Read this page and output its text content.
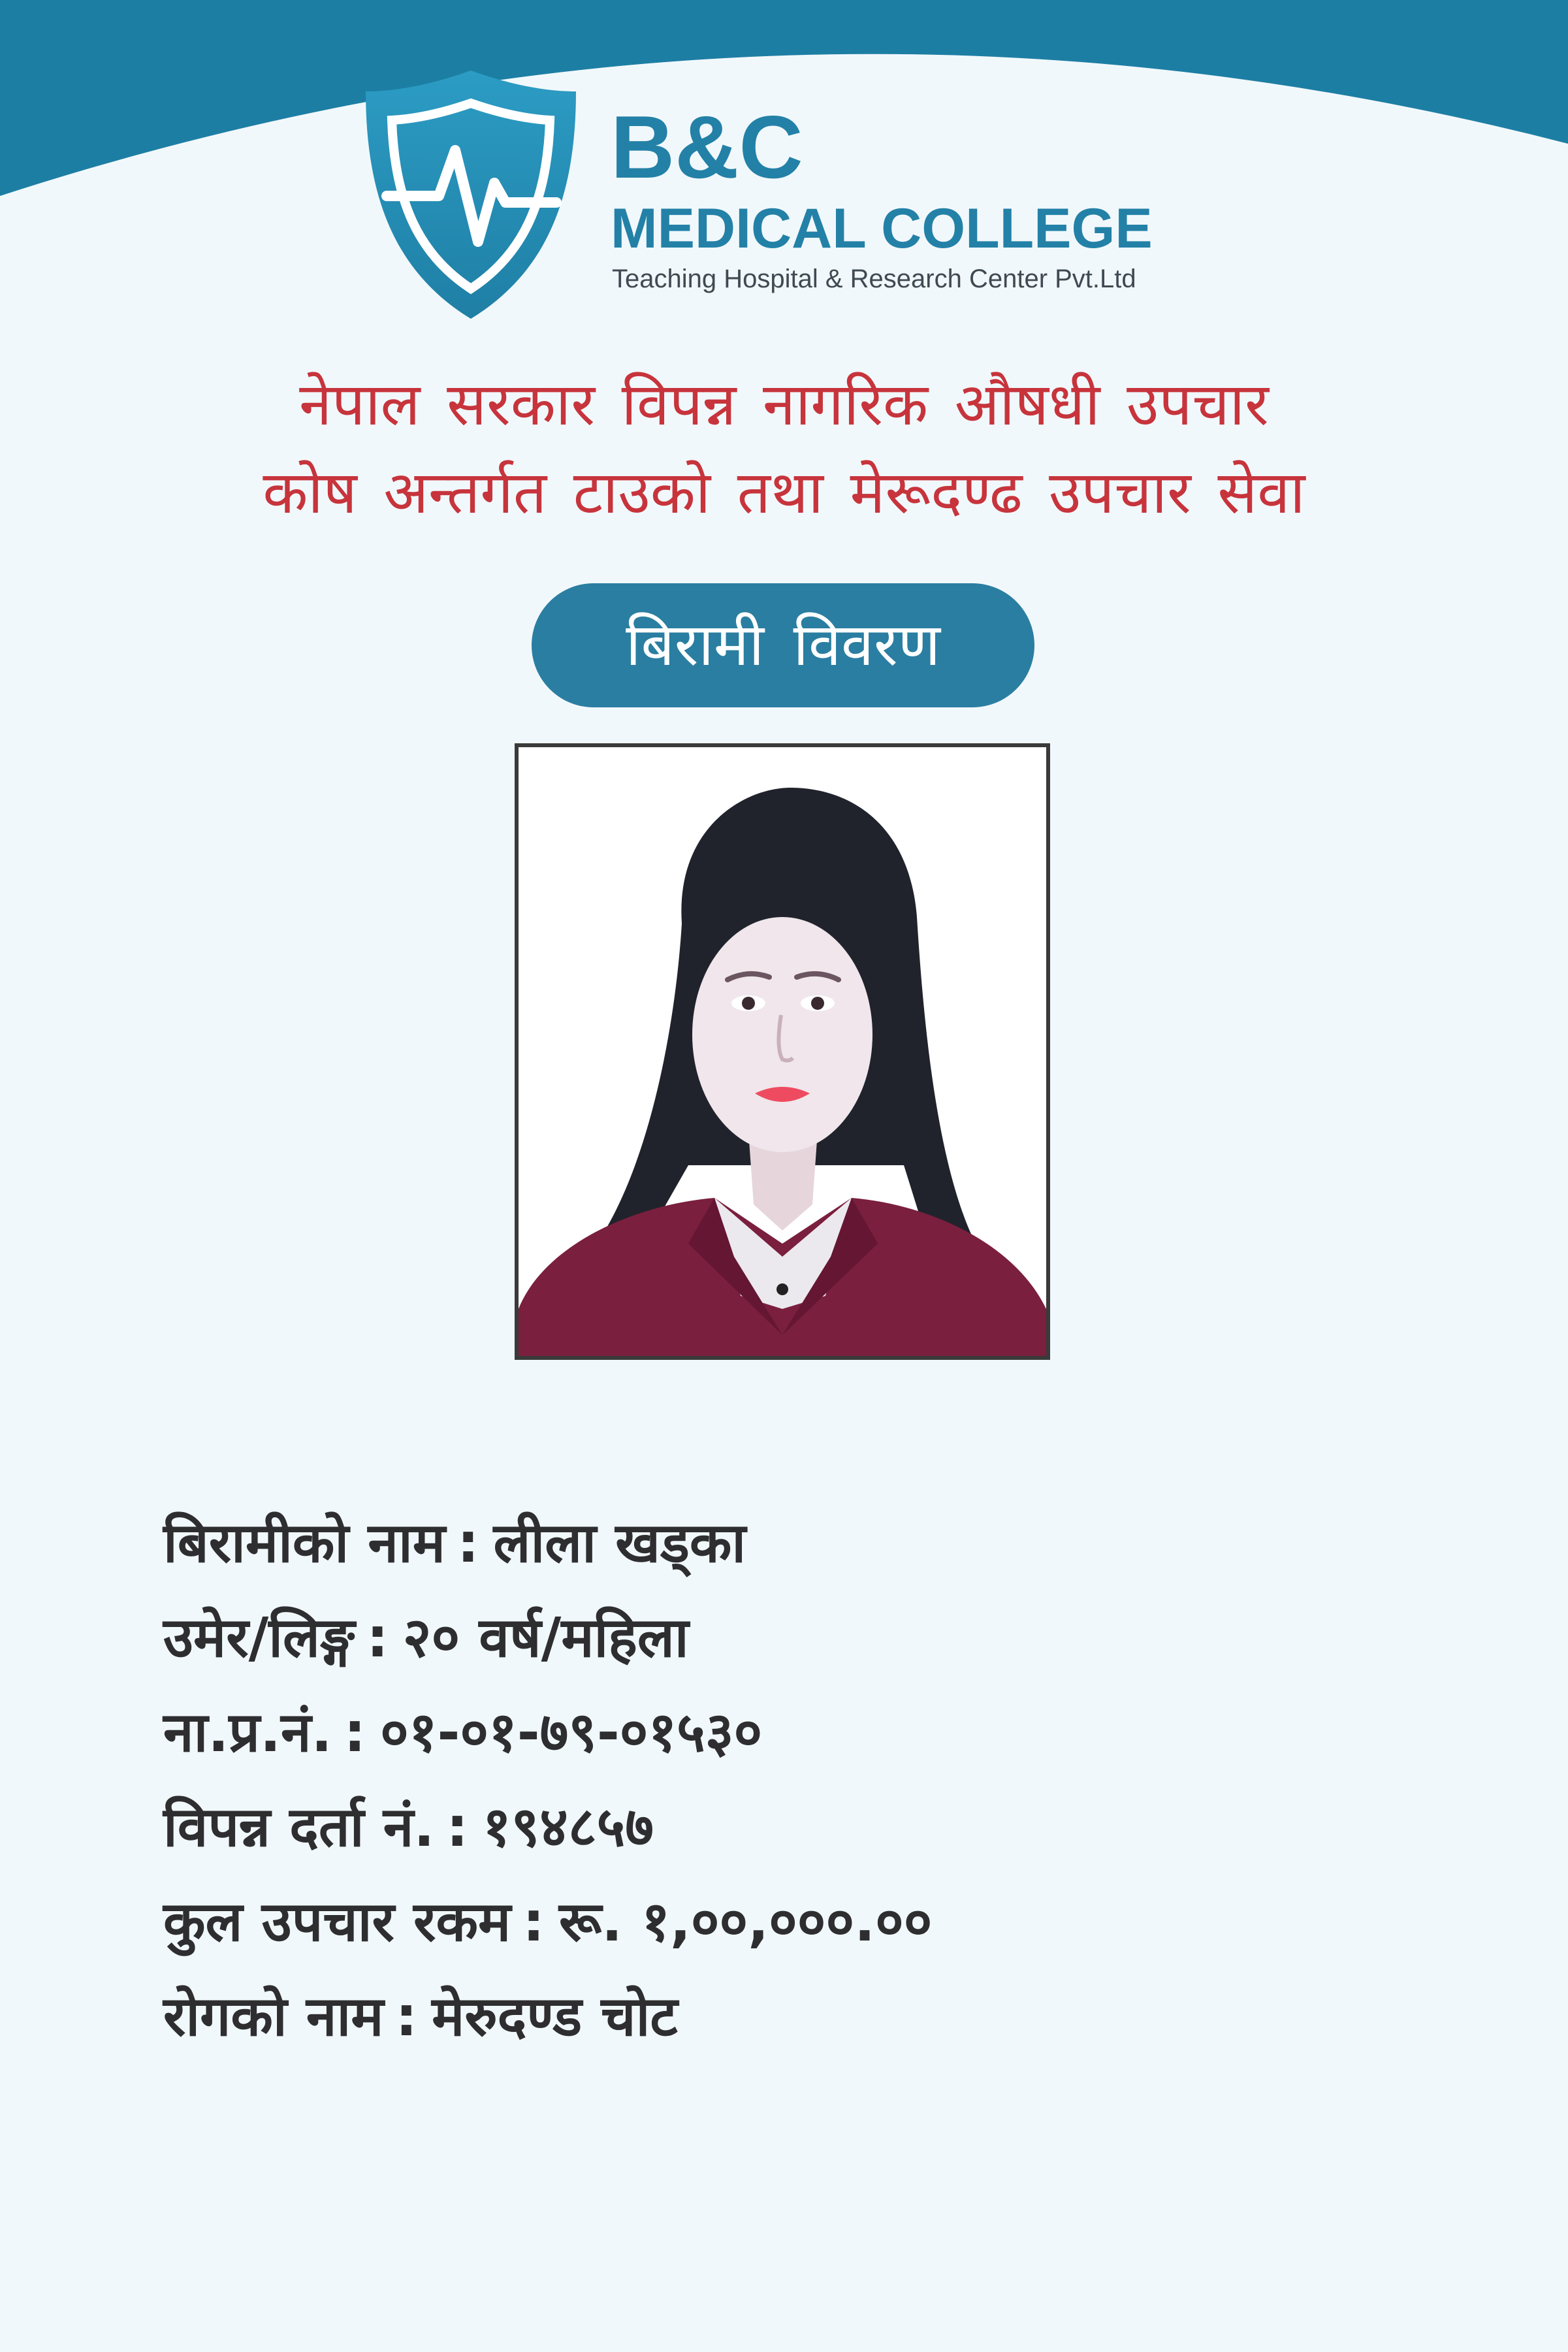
B&C
MEDICAL COLLEGE
Teaching Hospital & Research Center Pvt.Ltd
नेपाल सरकार विपन्न नागरिक औषधी उपचार
कोष अन्तर्गत टाउको तथा मेरूदण्ढ उपचार सेवा
बिरामी विवरण
बिरामीको नाम : लीला खड्का
उमेर/लिङ्ग : २० वर्ष/महिला
ना.प्र.नं. : ०१-०१-७९-०१५३०
विपन्न दर्ता नं. : १९४८५७
कुल उपचार रकम : रू. १,००,०००.००
रोगको नाम : मेरुदण्ड चोट
